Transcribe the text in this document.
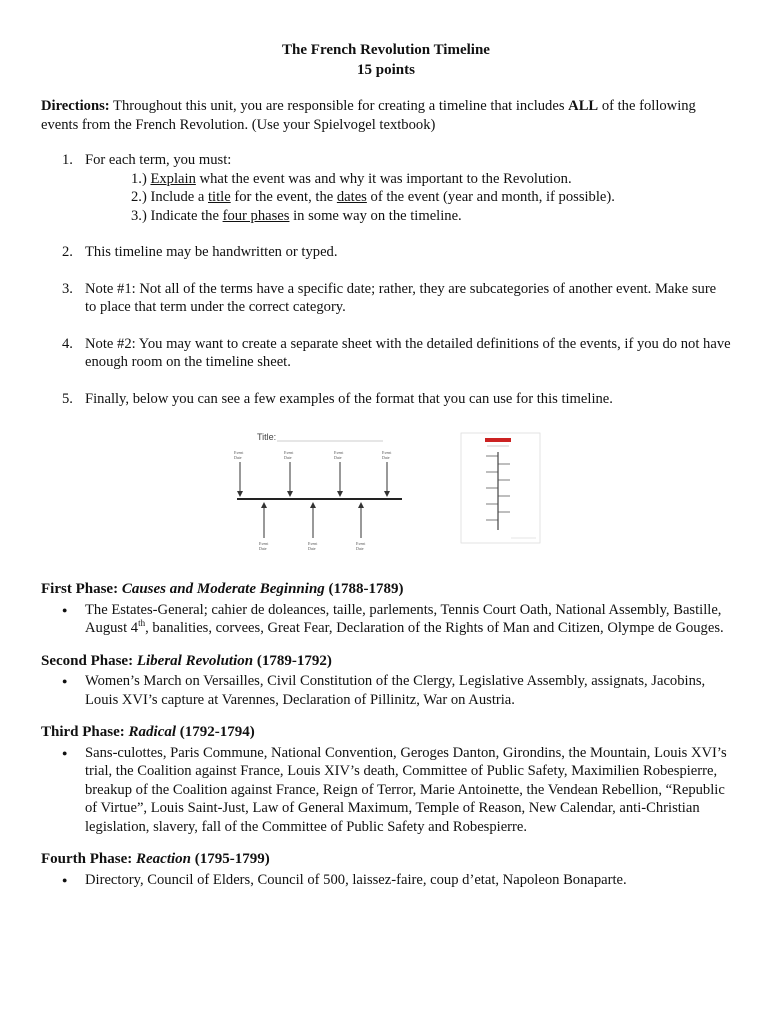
The French Revolution Timeline
15 points
Directions: Throughout this unit, you are responsible for creating a timeline that includes ALL of the following events from the French Revolution. (Use your Spielvogel textbook)
1. For each term, you must:
1.) Explain what the event was and why it was important to the Revolution.
2.) Include a title for the event, the dates of the event (year and month, if possible).
3.) Indicate the four phases in some way on the timeline.
2. This timeline may be handwritten or typed.
3. Note #1: Not all of the terms have a specific date; rather, they are subcategories of another event. Make sure to place that term under the correct category.
4. Note #2: You may want to create a separate sheet with the detailed definitions of the events, if you do not have enough room on the timeline sheet.
5. Finally, below you can see a few examples of the format that you can use for this timeline.
Title:
Event
Date
Event
Date
Event
Date
Event
Date
Event
Date
Event
Date
Event
Date
First Phase: Causes and Moderate Beginning (1788-1789)
● The Estates-General; cahier de doleances, taille, parlements, Tennis Court Oath, National Assembly, Bastille, August 4th, banalities, corvees, Great Fear, Declaration of the Rights of Man and Citizen, Olympe de Gouges.
Second Phase: Liberal Revolution (1789-1792)
● Women’s March on Versailles, Civil Constitution of the Clergy, Legislative Assembly, assignats, Jacobins, Louis XVI’s capture at Varennes, Declaration of Pillinitz, War on Austria.
Third Phase: Radical (1792-1794)
● Sans-culottes, Paris Commune, National Convention, Geroges Danton, Girondins, the Mountain, Louis XVI’s trial, the Coalition against France, Louis XIV’s death, Committee of Public Safety, Maximilien Robespierre, breakup of the Coalition against France, Reign of Terror, Marie Antoinette, the Vendean Rebellion, “Republic of Virtue”, Louis Saint-Just, Law of General Maximum, Temple of Reason, New Calendar, anti-Christian legislation, slavery, fall of the Committee of Public Safety and Robespierre.
Fourth Phase: Reaction (1795-1799)
● Directory, Council of Elders, Council of 500, laissez-faire, coup d’etat, Napoleon Bonaparte.
